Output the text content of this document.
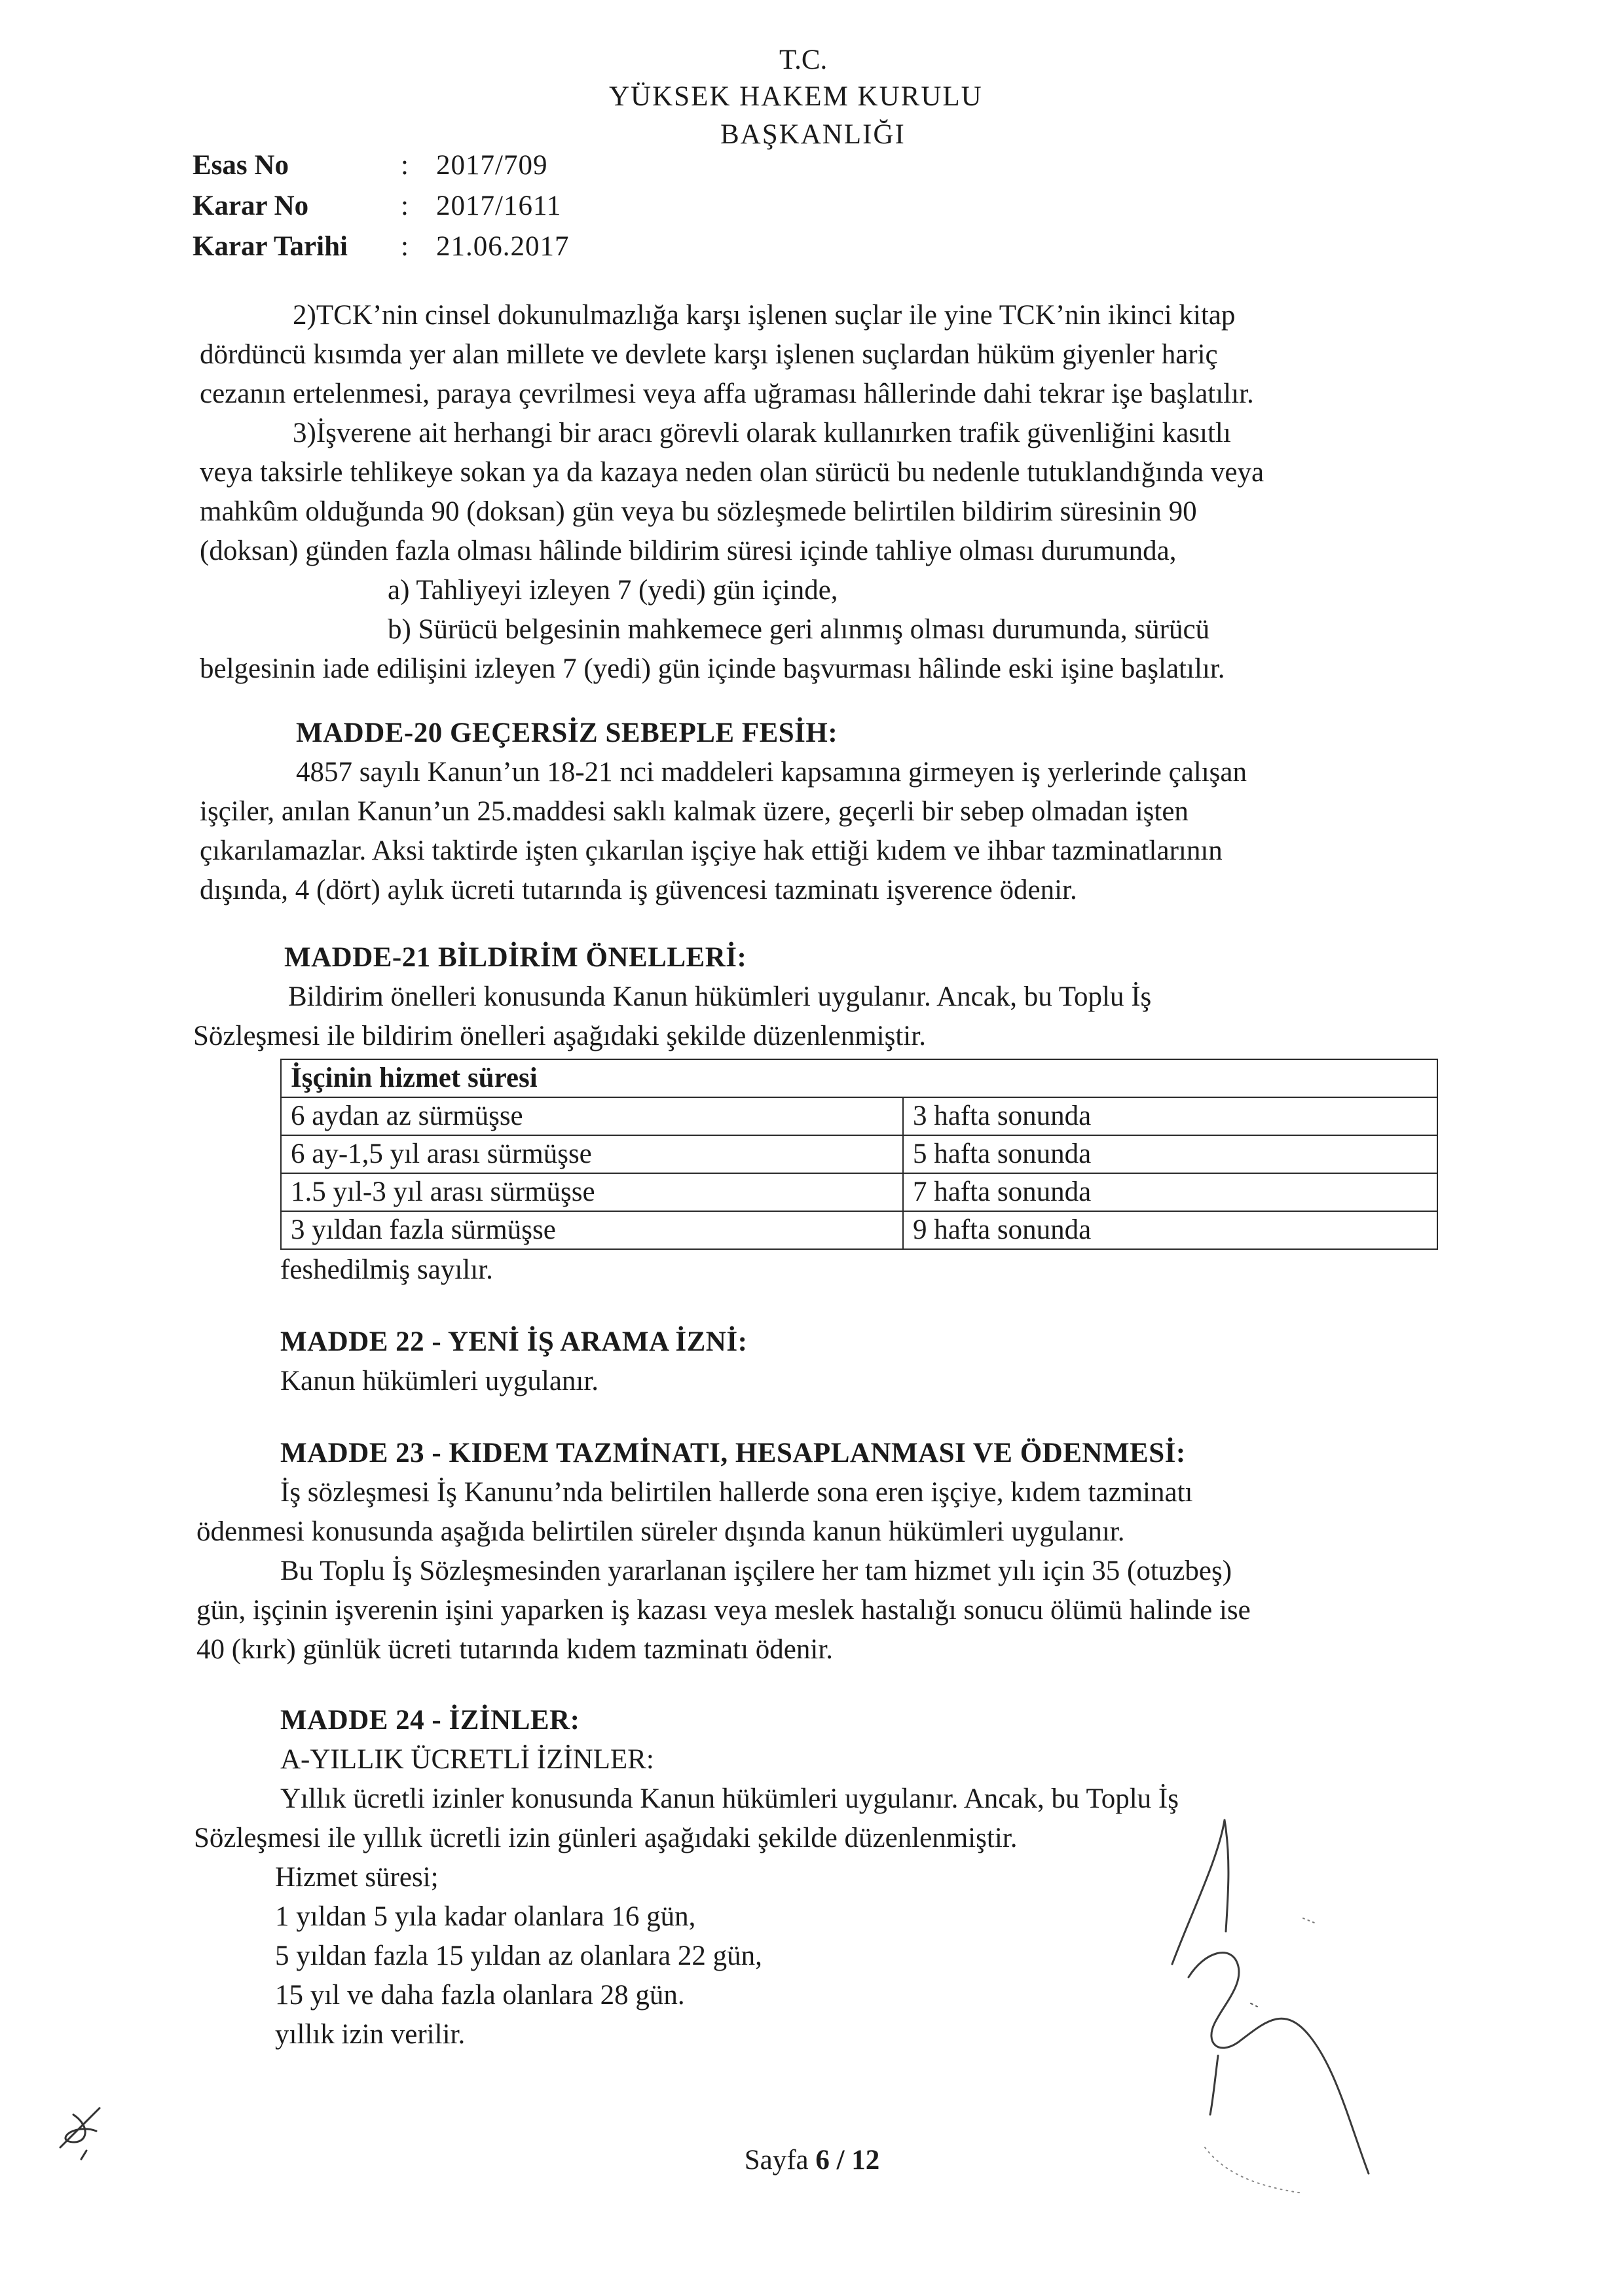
T.C.
YÜKSEK HAKEM KURULU
BAŞKANLIĞI
Esas No	: 2017/709
Karar No	: 2017/1611
Karar Tarihi : 21.06.2017
2)TCK’nin cinsel dokunulmazlığa karşı işlenen suçlar ile yine TCK’nin ikinci kitap
dördüncü kısımda yer alan millete ve devlete karşı işlenen suçlardan hüküm giyenler hariç
cezanın ertelenmesi, paraya çevrilmesi veya affa uğraması hâllerinde dahi tekrar işe başlatılır.
3)İşverene ait herhangi bir aracı görevli olarak kullanırken trafik güvenliğini kasıtlı
veya taksirle tehlikeye sokan ya da kazaya neden olan sürücü bu nedenle tutuklandığında veya
mahkûm olduğunda 90 (doksan) gün veya bu sözleşmede belirtilen bildirim süresinin 90
(doksan) günden fazla olması hâlinde bildirim süresi içinde tahliye olması durumunda,
a) Tahliyeyi izleyen 7 (yedi) gün içinde,
b) Sürücü belgesinin mahkemece geri alınmış olması durumunda, sürücü
belgesinin iade edilişini izleyen 7 (yedi) gün içinde başvurması hâlinde eski işine başlatılır.
MADDE-20 GEÇERSİZ SEBEPLE FESİH:
4857 sayılı Kanun’un 18-21 nci maddeleri kapsamına girmeyen iş yerlerinde çalışan
işçiler, anılan Kanun’un 25.maddesi saklı kalmak üzere, geçerli bir sebep olmadan işten
çıkarılamazlar. Aksi taktirde işten çıkarılan işçiye hak ettiği kıdem ve ihbar tazminatlarının
dışında, 4 (dört) aylık ücreti tutarında iş güvencesi tazminatı işverence ödenir.
MADDE-21 BİLDİRİM ÖNELLERİ:
Bildirim önelleri konusunda Kanun hükümleri uygulanır. Ancak, bu Toplu İş
Sözleşmesi ile bildirim önelleri aşağıdaki şekilde düzenlenmiştir.
İşçinin hizmet süresi	
6 aydan az sürmüşse	3 hafta sonunda
6 ay-1,5 yıl arası sürmüşse	5 hafta sonunda
1.5 yıl-3 yıl arası sürmüşse	7 hafta sonunda
3 yıldan fazla sürmüşse	9 hafta sonunda
feshedilmiş sayılır.
MADDE 22 - YENİ İŞ ARAMA İZNİ:
Kanun hükümleri uygulanır.
MADDE 23 - KIDEM TAZMİNATI, HESAPLANMASI VE ÖDENMESİ:
İş sözleşmesi İş Kanunu’nda belirtilen hallerde sona eren işçiye, kıdem tazminatı
ödenmesi konusunda aşağıda belirtilen süreler dışında kanun hükümleri uygulanır.
Bu Toplu İş Sözleşmesinden yararlanan işçilere her tam hizmet yılı için 35 (otuzbeş)
gün, işçinin işverenin işini yaparken iş kazası veya meslek hastalığı sonucu ölümü halinde ise
40 (kırk) günlük ücreti tutarında kıdem tazminatı ödenir.
MADDE 24 - İZİNLER:
A-YILLIK ÜCRETLİ İZİNLER:
Yıllık ücretli izinler konusunda Kanun hükümleri uygulanır. Ancak, bu Toplu İş
Sözleşmesi ile yıllık ücretli izin günleri aşağıdaki şekilde düzenlenmiştir.
Hizmet süresi;
1 yıldan 5 yıla kadar olanlara 16 gün,
5 yıldan fazla 15 yıldan az olanlara 22 gün,
15 yıl ve daha fazla olanlara 28 gün.
yıllık izin verilir.
Sayfa 6 / 12
